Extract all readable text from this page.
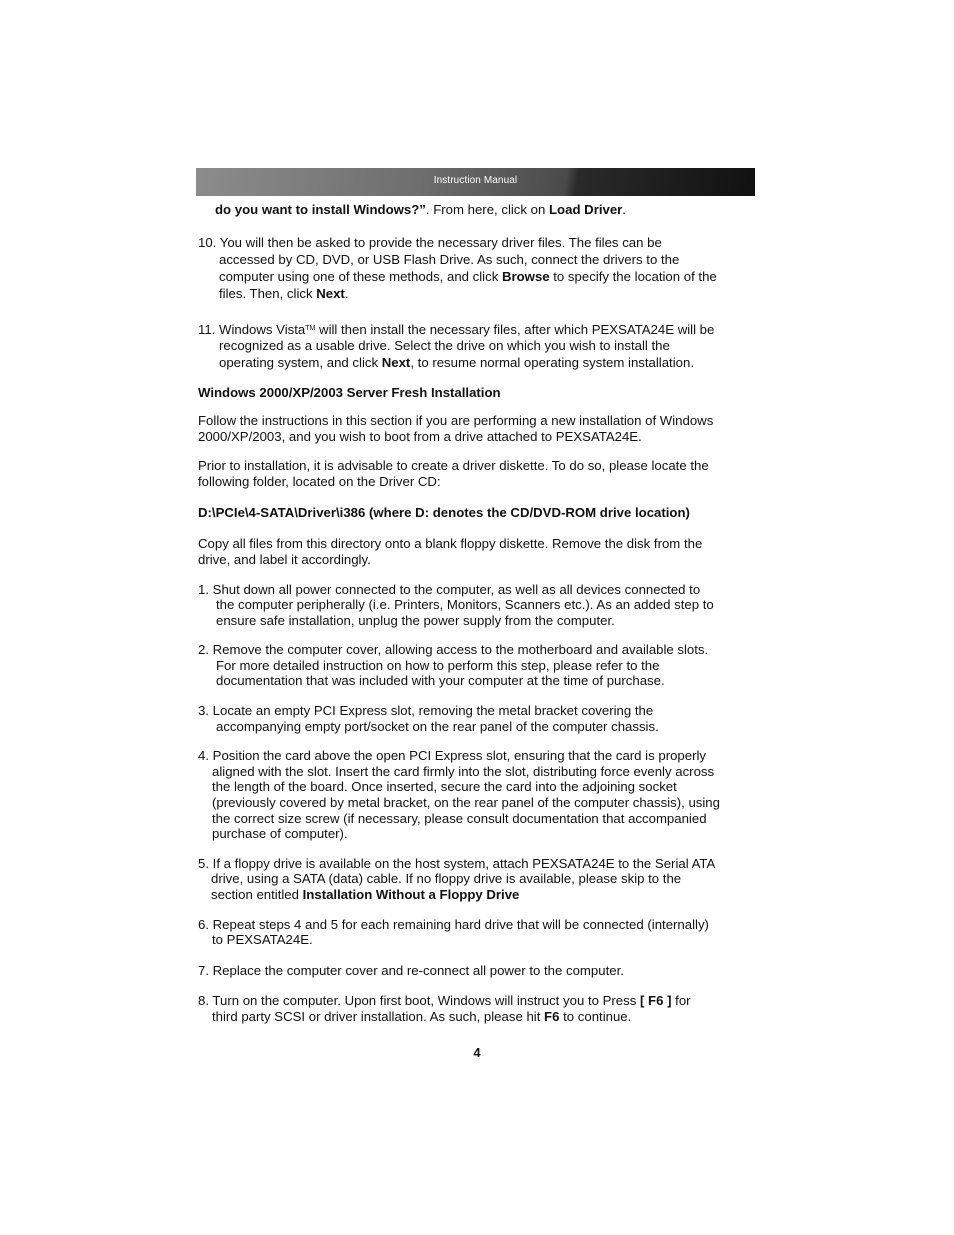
Instruction Manual
do you want to install Windows?”. From here, click on Load Driver.
10. You will then be asked to provide the necessary driver files. The files can be
accessed by CD, DVD, or USB Flash Drive. As such, connect the drivers to the
computer using one of these methods, and click Browse to specify the location of the
files. Then, click Next.
11. Windows Vista™ will then install the necessary files, after which PEXSATA24E will be
recognized as a usable drive. Select the drive on which you wish to install the
operating system, and click Next, to resume normal operating system installation.
Windows 2000/XP/2003 Server Fresh Installation
Follow the instructions in this section if you are performing a new installation of Windows
2000/XP/2003, and you wish to boot from a drive attached to PEXSATA24E.
Prior to installation, it is advisable to create a driver diskette. To do so, please locate the
following folder, located on the Driver CD:
D:\PCIe\4-SATA\Driver\i386 (where D: denotes the CD/DVD-ROM drive location)
Copy all files from this directory onto a blank floppy diskette. Remove the disk from the
drive, and label it accordingly.
1. Shut down all power connected to the computer, as well as all devices connected to
the computer peripherally (i.e. Printers, Monitors, Scanners etc.). As an added step to
ensure safe installation, unplug the power supply from the computer.
2. Remove the computer cover, allowing access to the motherboard and available slots.
For more detailed instruction on how to perform this step, please refer to the
documentation that was included with your computer at the time of purchase.
3. Locate an empty PCI Express slot, removing the metal bracket covering the
accompanying empty port/socket on the rear panel of the computer chassis.
4. Position the card above the open PCI Express slot, ensuring that the card is properly
aligned with the slot. Insert the card firmly into the slot, distributing force evenly across
the length of the board. Once inserted, secure the card into the adjoining socket
(previously covered by metal bracket, on the rear panel of the computer chassis), using
the correct size screw (if necessary, please consult documentation that accompanied
purchase of computer).
5. If a floppy drive is available on the host system, attach PEXSATA24E to the Serial ATA
drive, using a SATA (data) cable. If no floppy drive is available, please skip to the
section entitled Installation Without a Floppy Drive
6. Repeat steps 4 and 5 for each remaining hard drive that will be connected (internally)
to PEXSATA24E.
7. Replace the computer cover and re-connect all power to the computer.
8. Turn on the computer. Upon first boot, Windows will instruct you to Press [ F6 ] for
third party SCSI or driver installation. As such, please hit F6 to continue.
4
